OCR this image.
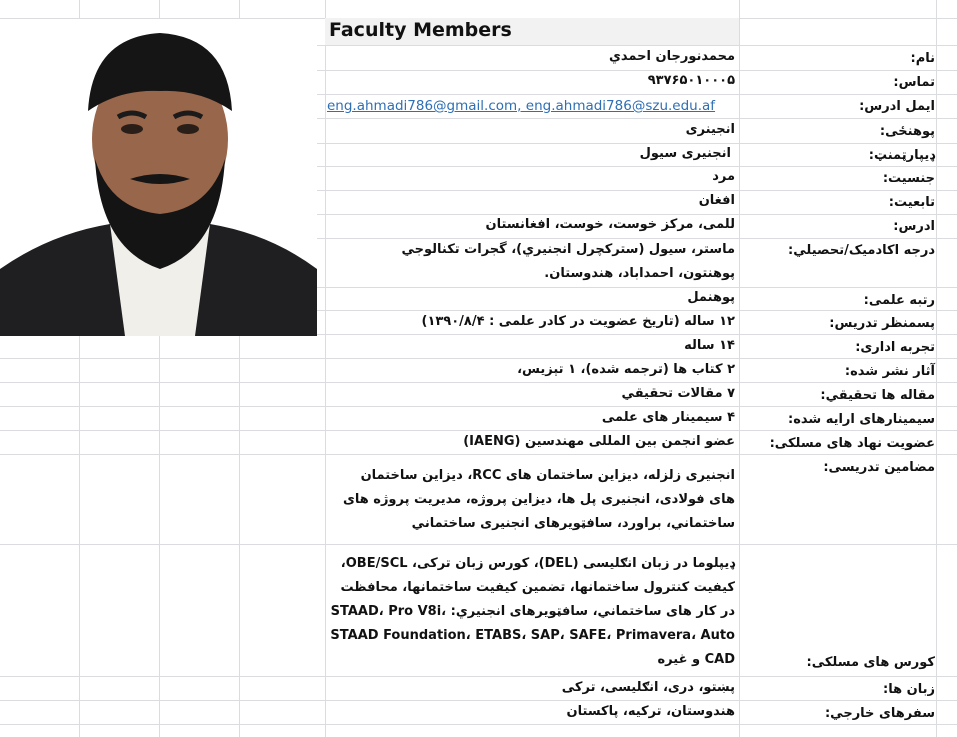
Faculty Members
نام:
محمدنورجان احمدي
تماس:
۹۳۷۶۵۰۱۰۰۰۵
ايمل ادرس:
eng.ahmadi786@gmail.com, eng.ahmadi786@szu.edu.af
پوهنځی:
انجینری
ډیپارټمنټ:
انجنیری سیول
جنسیت:
مرد
تابعیت:
افغان
ادرس:
للمی، مرکز خوست، خوست، افغانستان
درجه اکادمیک/تحصیلي:
ماستر، سیول (سترکچرل انجنیري)، گجرات تکنالوجي پوهنتون، احمداباد، هندوستان.
رتبه علمی:
پوهنمل
پسمنظر تدریس:
۱۲ ساله (تاریخ عضویت در کادر علمی : ۱۳۹۰/۸/۴)
تجربه اداری:
۱۴ ساله
آثار نشر شده:
۲ کتاب ها (ترجمه شده)، ۱ تېزیس،
مقاله ها تحقیقي:
۷ مقالات تحقیقي
سیمینارهای ارایه شده:
۴ سیمینار های علمی
عضویت نهاد های مسلکی:
عضو انجمن بین المللی مهندسین (IAENG)
مضامین تدریسی:
انجنیری زلزله، دیزاین ساختمان های RCC، دیزاین ساختمان های فولادی، انجنیری پل ها، دیزاین پروژه، مدیریت پروژه های ساختماني، براورد، سافټویرهای انجنیری ساختماني
کورس های مسلکی:
ډیپلوما در زبان انګلیسی (DEL)، کورس زبان ترکی، OBE/SCL، کیفیت کنترول ساختمانها، تضمین کیفیت ساختمانها، محافظت در کار های ساختماني، سافټویرهای انجنیري: STAAD، Pro V8i، STAAD Foundation، ETABS، SAP، SAFE، Primavera، Auto CAD و غیره
زبان ها:
پښتو، دری، انګلیسی، ترکی
سفرهای خارجي:
هندوستان، ترکیه، پاکستان
